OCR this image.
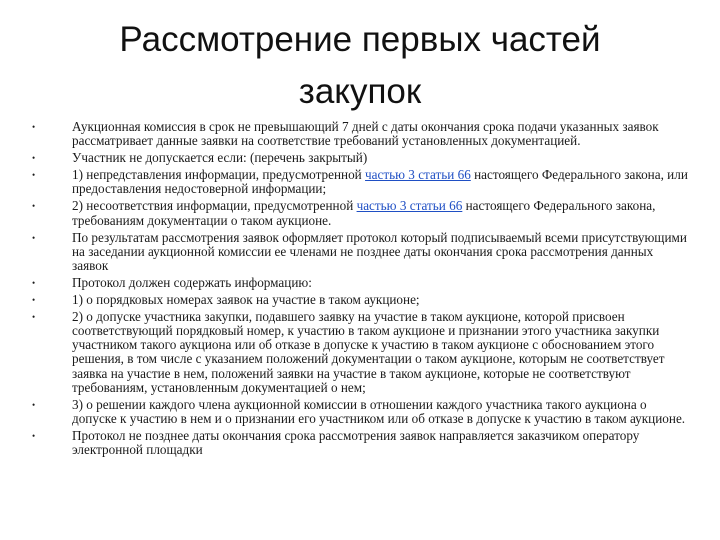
Рассмотрение первых частей
закупок
•	Аукционная комиссия в срок не превышающий 7 дней с даты окончания срока подачи указанных заявок рассматривает данные заявки на соответствие требований установленных документацией.
•	Участник не допускается если: (перечень закрытый)
•	1) непредставления информации, предусмотренной частью 3 статьи 66 настоящего Федерального закона, или предоставления недостоверной информации;
•	2) несоответствия информации, предусмотренной частью 3 статьи 66 настоящего Федерального закона, требованиям документации о таком аукционе.
•	По результатам рассмотрения заявок оформляет протокол который подписываемый всеми присутствующими на заседании аукционной комиссии ее членами не позднее даты окончания срока рассмотрения данных заявок
•	Протокол должен содержать информацию:
•	1) о порядковых номерах заявок на участие в таком аукционе;
•	2) о допуске участника закупки, подавшего заявку на участие в таком аукционе, которой присвоен соответствующий порядковый номер, к участию в таком аукционе и признании этого участника закупки участником такого аукциона или об отказе в допуске к участию в таком аукционе с обоснованием этого решения, в том числе с указанием положений документации о таком аукционе, которым не соответствует заявка на участие в нем, положений заявки на участие в таком аукционе, которые не соответствуют требованиям, установленным документацией о нем;
•	3) о решении каждого члена аукционной комиссии в отношении каждого участника такого аукциона о допуске к участию в нем и о признании его участником или об отказе в допуске к участию в таком аукционе.
•	Протокол не позднее даты окончания срока рассмотрения заявок направляется заказчиком оператору электронной площадки
